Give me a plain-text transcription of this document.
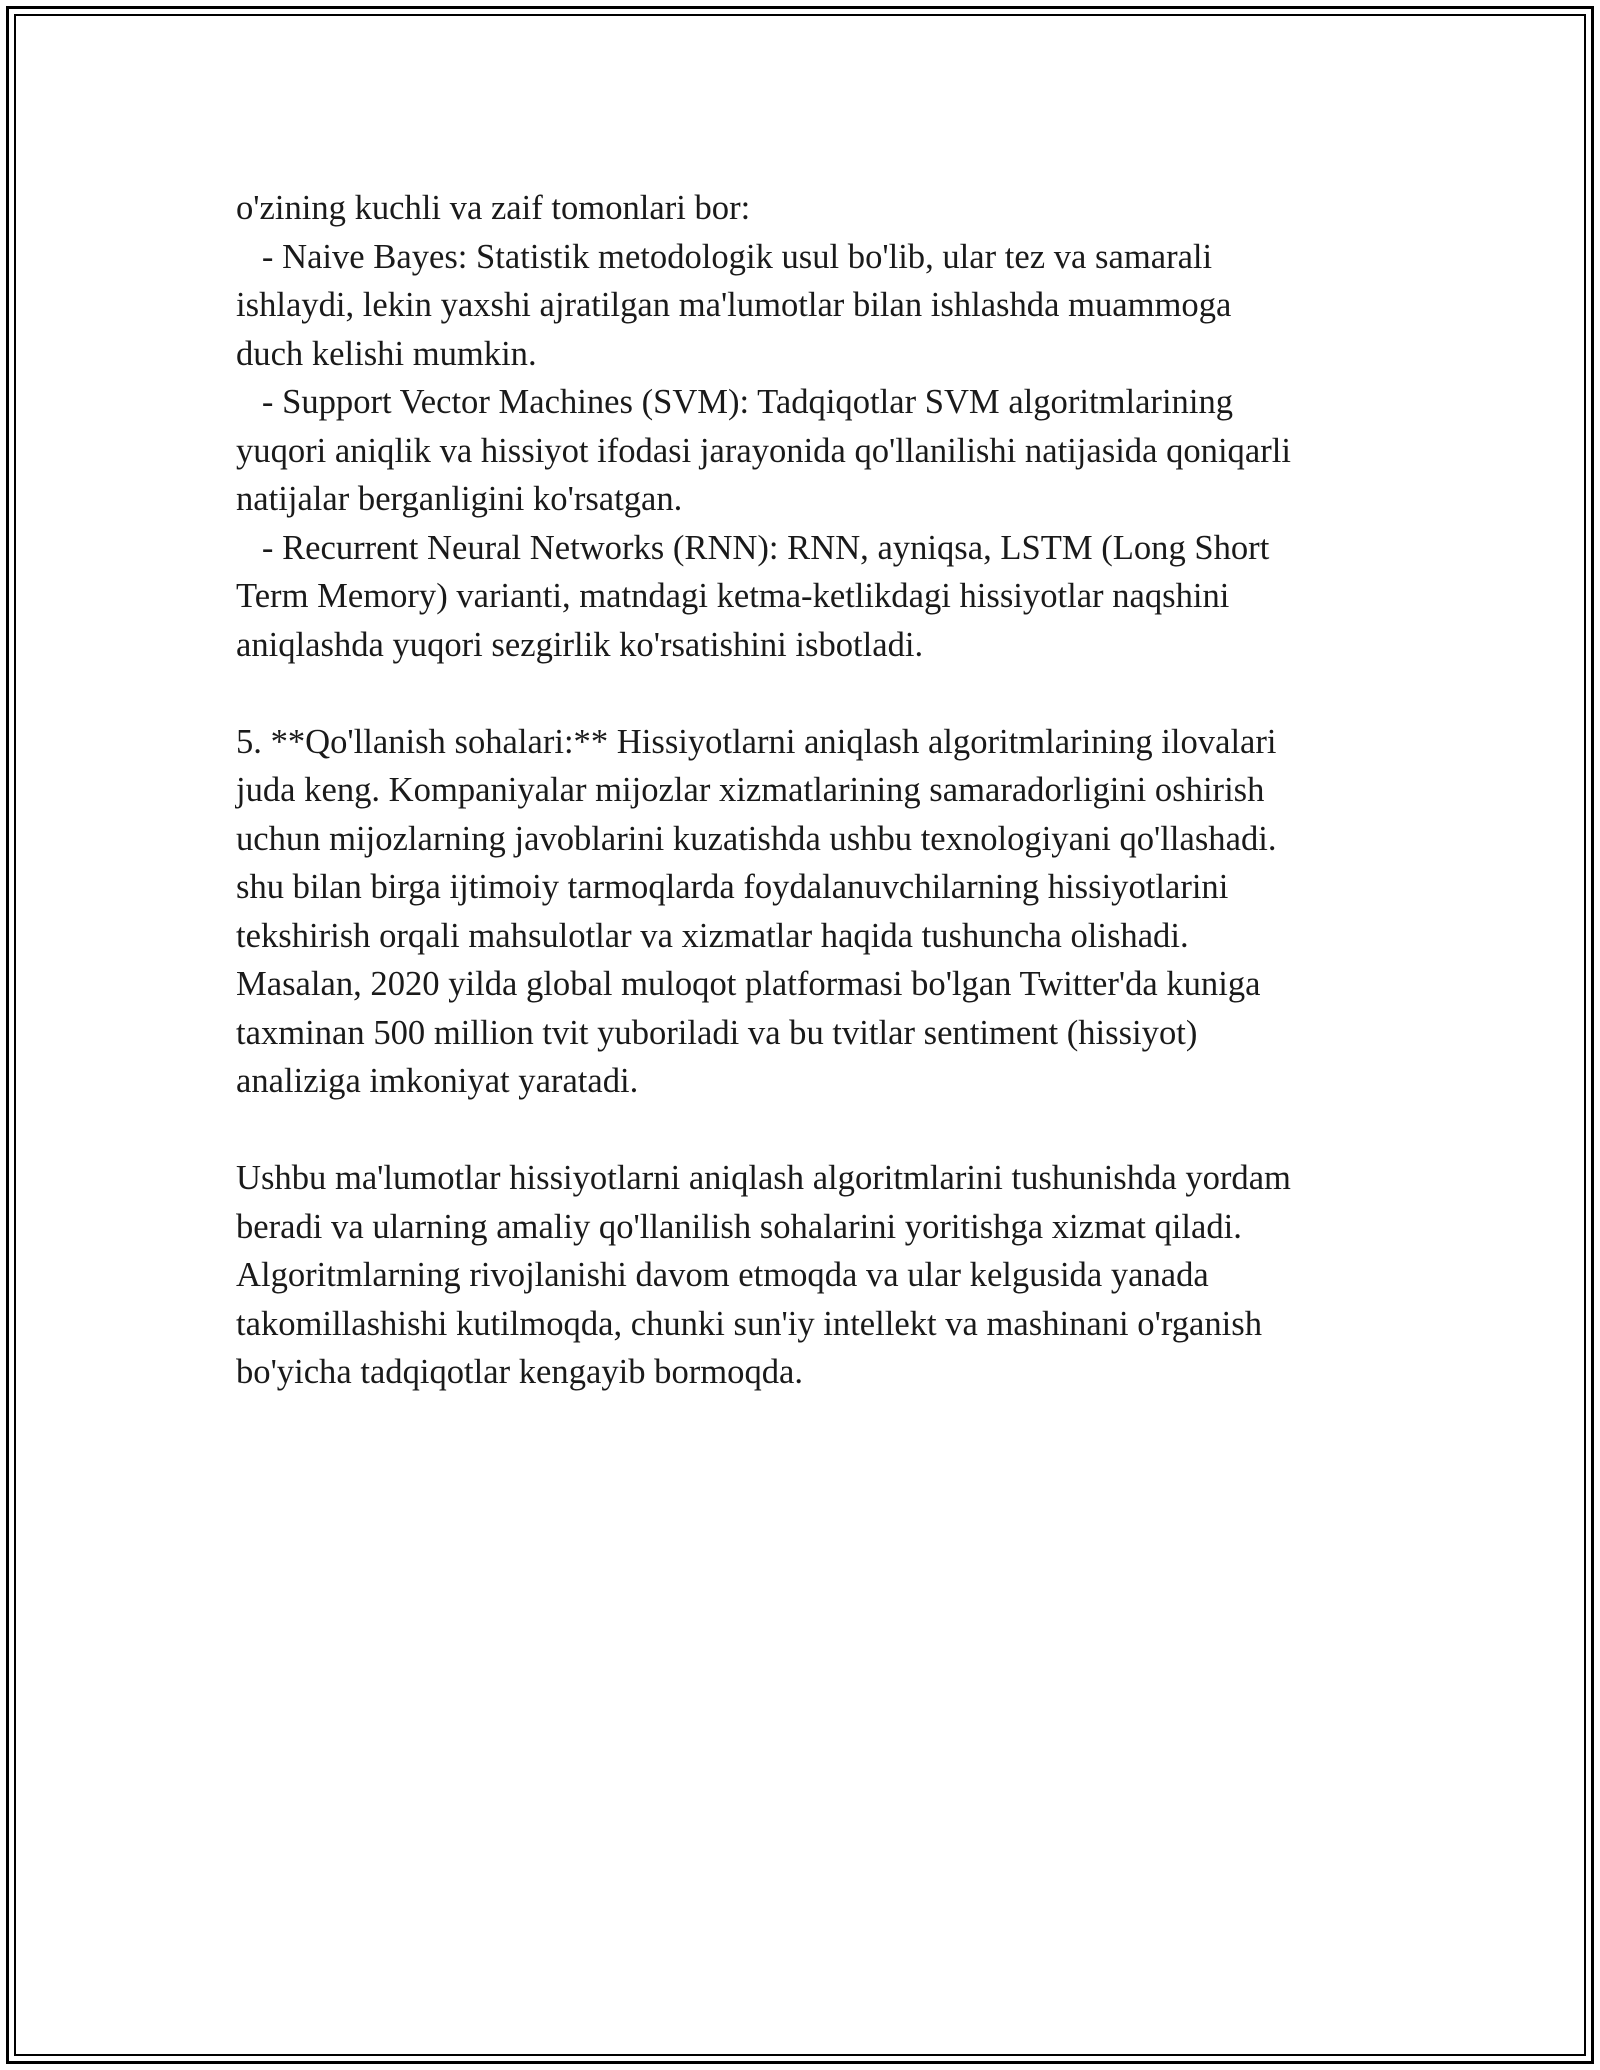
o'zining kuchli va zaif tomonlari bor:
- Naive Bayes: Statistik metodologik usul bo'lib, ular tez va samarali
ishlaydi, lekin yaxshi ajratilgan ma'lumotlar bilan ishlashda muammoga
duch kelishi mumkin.
- Support Vector Machines (SVM): Tadqiqotlar SVM algoritmlarining
yuqori aniqlik va hissiyot ifodasi jarayonida qo'llanilishi natijasida qoniqarli
natijalar berganligini ko'rsatgan.
- Recurrent Neural Networks (RNN): RNN, ayniqsa, LSTM (Long Short
Term Memory) varianti, matndagi ketma-ketlikdagi hissiyotlar naqshini
aniqlashda yuqori sezgirlik ko'rsatishini isbotladi.
5. **Qo'llanish sohalari:** Hissiyotlarni aniqlash algoritmlarining ilovalari
juda keng. Kompaniyalar mijozlar xizmatlarining samaradorligini oshirish
uchun mijozlarning javoblarini kuzatishda ushbu texnologiyani qo'llashadi.
shu bilan birga ijtimoiy tarmoqlarda foydalanuvchilarning hissiyotlarini
tekshirish orqali mahsulotlar va xizmatlar haqida tushuncha olishadi.
Masalan, 2020 yilda global muloqot platformasi bo'lgan Twitter'da kuniga
taxminan 500 million tvit yuboriladi va bu tvitlar sentiment (hissiyot)
analiziga imkoniyat yaratadi.
Ushbu ma'lumotlar hissiyotlarni aniqlash algoritmlarini tushunishda yordam
beradi va ularning amaliy qo'llanilish sohalarini yoritishga xizmat qiladi.
Algoritmlarning rivojlanishi davom etmoqda va ular kelgusida yanada
takomillashishi kutilmoqda, chunki sun'iy intellekt va mashinani o'rganish
bo'yicha tadqiqotlar kengayib bormoqda.
